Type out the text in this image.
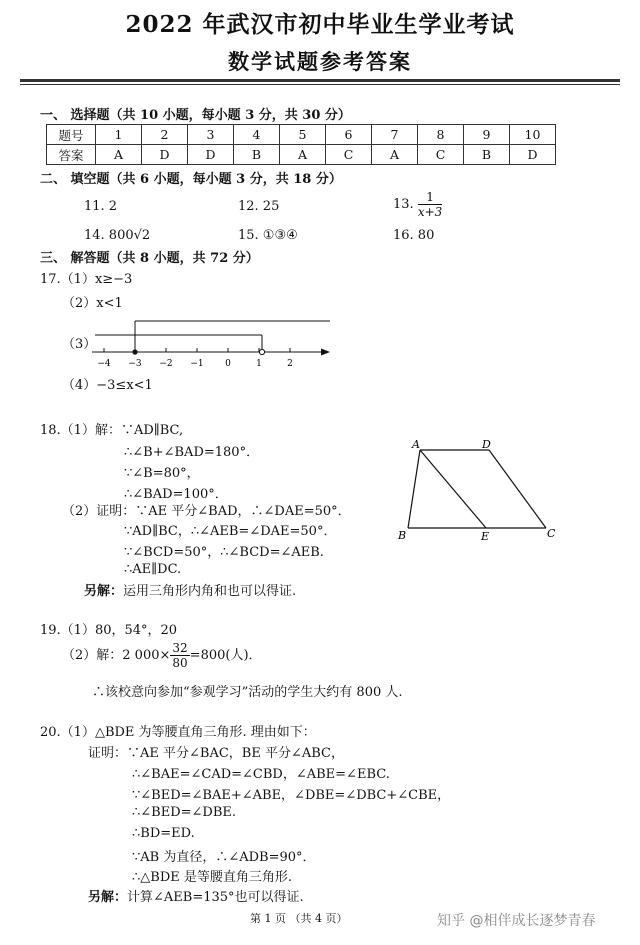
2022 年武汉市初中毕业生学业考试
数学试题参考答案
一、 选择题（共 10 小题，每小题 3 分，共 30 分）
题号	1	2	3	4	5	6	7	8	9	10
答案	A	D	D	B	A	C	A	C	B	D
二、 填空题（共 6 小题，每小题 3 分，共 18 分）
11. 2	12. 25	13. $\frac{1}{x+3}$
14. 800√2	15. ①③④	16. 80
三、 解答题（共 8 小题，共 72 分）
17.（1）x≥−3
（2）x<1
（3）
−4 −3 −2 −1 0	1	2
（4）−3≤x<1
18.（1）解：∵AD∥BC,
∴∠B+∠BAD=180°．
∵∠B=80°，
∴∠BAD=100°．
（2）证明：∵AE 平分∠BAD，∴∠DAE=50°．
∵AD∥BC，∴∠AEB=∠DAE=50°．
∵∠BCD=50°，∴∠BCD=∠AEB.
∴AE∥DC.
另解：运用三角形内角和也可以得证.
A	D
B	E	C
19.（1）80，54°，20
（2）解：2 $000\times \frac{32}{80} =800$(人)．
∴该校意向参加“参观学习”活动的学生大约有 800 人.
20.（1）△BDE 为等腰直角三角形. 理由如下：
证明：∵AE 平分∠BAC，BE 平分∠ABC，
∴∠BAE=∠CAD=∠CBD，∠ABE=∠EBC.
∵∠BED=∠BAE+∠ABE，∠DBE=∠DBC+∠CBE，
∴∠BED=∠DBE.
∴BD=ED.
∵AB 为直径，∴∠ADB=90°．
∴△BDE 是等腰直角三角形.
另解：计算∠AEB=135°也可以得证.
第 1 页 （共 4 页）	知乎 @相伴成长逐梦青春
